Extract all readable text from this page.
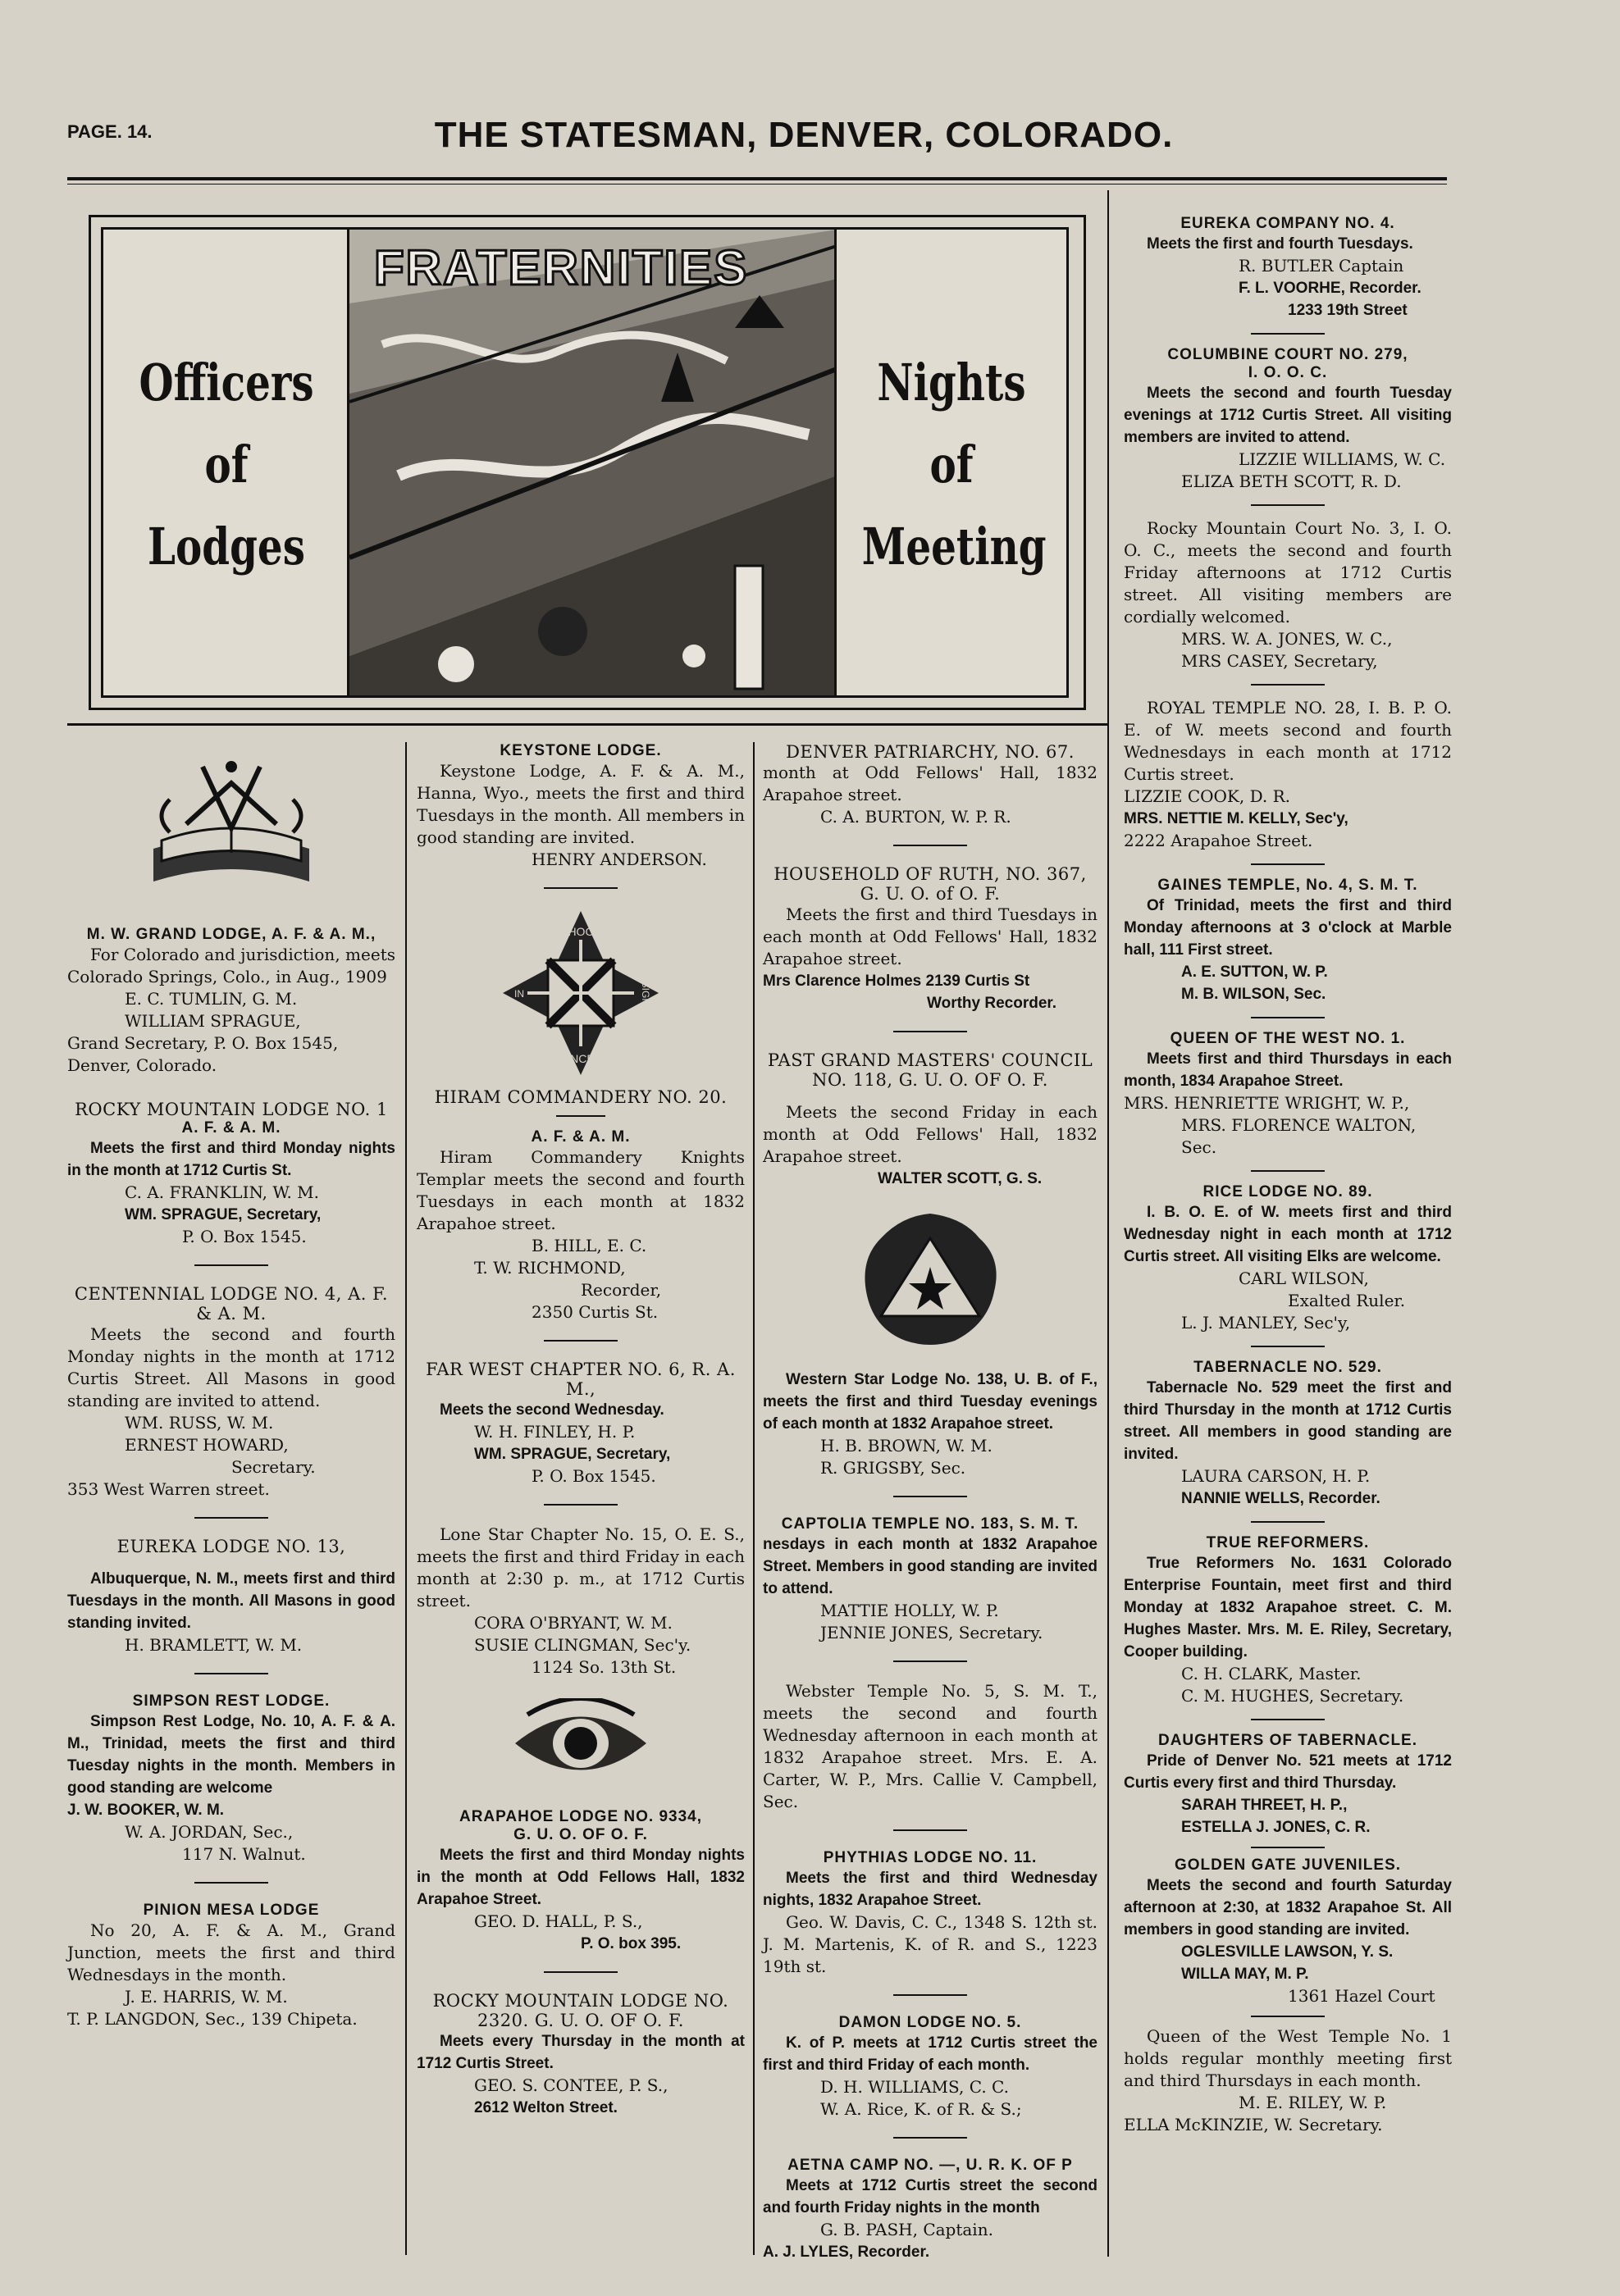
PAGE. 14.	THE STATESMAN, DENVER, COLORADO.
Officers
of
Lodges
FRATERNITIES
Nights
of
Meeting

M. W. GRAND LODGE, A. F. & A. M.,

For Colorado and jurisdiction, meets Colorado Springs, Colo., in Aug., 1909

E. C. TUMLIN, G. M.

WILLIAM SPRAGUE,

Grand Secretary, P. O. Box 1545, Denver, Colorado.

ROCKY MOUNTAIN LODGE NO. 1

A. F. & A. M.

Meets the first and third Monday nights in the month at 1712 Curtis St.

C. A. FRANKLIN, W. M.

WM. SPRAGUE, Secretary,

P. O. Box 1545.

CENTENNIAL LODGE NO. 4, A. F.

& A. M.

Meets the second and fourth Monday nights in the month at 1712 Curtis Street. All Masons in good standing are invited to attend.

WM. RUSS, W. M.

ERNEST HOWARD,

Secretary.

353 West Warren street.

EUREKA LODGE NO. 13,

Albuquerque, N. M., meets first and third Tuesdays in the month. All Masons in good standing invited.

H. BRAMLETT, W. M.

SIMPSON REST LODGE.

Simpson Rest Lodge, No. 10, A. F. & A. M., Trinidad, meets the first and third Tuesday nights in the month. Members in good standing are welcome

J. W. BOOKER, W. M.

W. A. JORDAN, Sec.,

117 N. Walnut.

PINION MESA LODGE

No 20, A. F. & A. M., Grand Junction, meets the first and third Wednesdays in the month.

J. E. HARRIS, W. M.

T. P. LANGDON, Sec., 139 Chipeta.

KEYSTONE LODGE.

Keystone Lodge, A. F. & A. M., Hanna, Wyo., meets the first and third Tuesdays in the month. All members in good standing are invited.

HENRY ANDERSON.

HOC
SIGNO
IN
VINCES

HIRAM COMMANDERY NO. 20.

A. F. & A. M.

Hiram Commandery Knights Templar meets the second and fourth Tuesdays in each month at 1832 Arapahoe street.

B. HILL, E. C.

T. W. RICHMOND,

Recorder,

2350 Curtis St.

FAR WEST CHAPTER NO. 6, R. A. M.,

Meets the second Wednesday.

W. H. FINLEY, H. P.

WM. SPRAGUE, Secretary,

P. O. Box 1545.

Lone Star Chapter No. 15, O. E. S., meets the first and third Friday in each month at 2:30 p. m., at 1712 Curtis street.

CORA O'BRYANT, W. M.

SUSIE CLINGMAN, Sec'y.

1124 So. 13th St.

ARAPAHOE LODGE NO. 9334,

G. U. O. OF O. F.

Meets the first and third Monday nights in the month at Odd Fellows Hall, 1832 Arapahoe Street.

GEO. D. HALL, P. S.,

P. O. box 395.

ROCKY MOUNTAIN LODGE NO.

2320. G. U. O. OF O. F.

Meets every Thursday in the month at 1712 Curtis Street.

GEO. S. CONTEE, P. S.,

2612 Welton Street.

DENVER PATRIARCHY, NO. 67.

month at Odd Fellows' Hall, 1832 Arapahoe street.

C. A. BURTON, W. P. R.

HOUSEHOLD OF RUTH, NO. 367,

G. U. O. of O. F.

Meets the first and third Tuesdays in each month at Odd Fellows' Hall, 1832 Arapahoe street.

Mrs Clarence Holmes 2139 Curtis St

Worthy Recorder.

PAST GRAND MASTERS' COUNCIL

NO. 118, G. U. O. OF O. F.

Meets the second Friday in each month at Odd Fellows' Hall, 1832 Arapahoe street.

WALTER SCOTT, G. S.

Western Star Lodge No. 138, U. B. of F., meets the first and third Tuesday evenings of each month at 1832 Arapahoe street.

H. B. BROWN, W. M.

R. GRIGSBY, Sec.

CAPTOLIA TEMPLE NO. 183, S. M. T.

nesdays in each month at 1832 Arapahoe Street. Members in good standing are invited to attend.

MATTIE HOLLY, W. P.

JENNIE JONES, Secretary.

Webster Temple No. 5, S. M. T., meets the second and fourth Wednesday afternoon in each month at 1832 Arapahoe street. Mrs. E. A. Carter, W. P., Mrs. Callie V. Campbell, Sec.

PHYTHIAS LODGE NO. 11.

Meets the first and third Wednesday nights, 1832 Arapahoe Street.

Geo. W. Davis, C. C., 1348 S. 12th st. J. M. Martenis, K. of R. and S., 1223 19th st.

DAMON LODGE NO. 5.

K. of P. meets at 1712 Curtis street the first and third Friday of each month.

D. H. WILLIAMS, C. C.

W. A. Rice, K. of R. & S.;

AETNA CAMP NO. —, U. R. K. OF P

Meets at 1712 Curtis street the second and fourth Friday nights in the month

G. B. PASH, Captain.

A. J. LYLES, Recorder.

EUREKA COMPANY NO. 4.

Meets the first and fourth Tuesdays.

R. BUTLER Captain

F. L. VOORHE, Recorder.

1233 19th Street

COLUMBINE COURT NO. 279,

I. O. O. C.

Meets the second and fourth Tuesday evenings at 1712 Curtis Street. All visiting members are invited to attend.

LIZZIE WILLIAMS, W. C.

ELIZA BETH SCOTT, R. D.

Rocky Mountain Court No. 3, I. O. O. C., meets the second and fourth Friday afternoons at 1712 Curtis street. All visiting members are cordially welcomed.

MRS. W. A. JONES, W. C.,

MRS CASEY, Secretary,

ROYAL TEMPLE NO. 28, I. B. P. O. E. of W. meets second and fourth Wednesdays in each month at 1712 Curtis street.

LIZZIE COOK, D. R.

MRS. NETTIE M. KELLY, Sec'y,

2222 Arapahoe Street.

GAINES TEMPLE, No. 4, S. M. T.

Of Trinidad, meets the first and third Monday afternoons at 3 o'clock at Marble hall, 111 First street.

A. E. SUTTON, W. P.

M. B. WILSON, Sec.

QUEEN OF THE WEST NO. 1.

Meets first and third Thursdays in each month, 1834 Arapahoe Street.

MRS. HENRIETTE WRIGHT, W. P.,

MRS. FLORENCE WALTON, Sec.

RICE LODGE NO. 89.

I. B. O. E. of W. meets first and third Wednesday night in each month at 1712 Curtis street. All visiting Elks are welcome.

CARL WILSON,

Exalted Ruler.

L. J. MANLEY, Sec'y,

TABERNACLE NO. 529.

Tabernacle No. 529 meet the first and third Thursday in the month at 1712 Curtis street. All members in good standing are invited.

LAURA CARSON, H. P.

NANNIE WELLS, Recorder.

TRUE REFORMERS.

True Reformers No. 1631 Colorado Enterprise Fountain, meet first and third Monday at 1832 Arapahoe street. C. M. Hughes Master. Mrs. M. E. Riley, Secretary, Cooper building.

C. H. CLARK, Master.

C. M. HUGHES, Secretary.

DAUGHTERS OF TABERNACLE.

Pride of Denver No. 521 meets at 1712 Curtis every first and third Thursday.

SARAH THREET, H. P.,

ESTELLA J. JONES, C. R.

GOLDEN GATE JUVENILES.

Meets the second and fourth Saturday afternoon at 2:30, at 1832 Arapahoe St. All members in good standing are invited.

OGLESVILLE LAWSON, Y. S.

WILLA MAY, M. P.

1361 Hazel Court

Queen of the West Temple No. 1 holds regular monthly meeting first and third Thursdays in each month.

M. E. RILEY, W. P.

ELLA McKINZIE, W. Secretary.
